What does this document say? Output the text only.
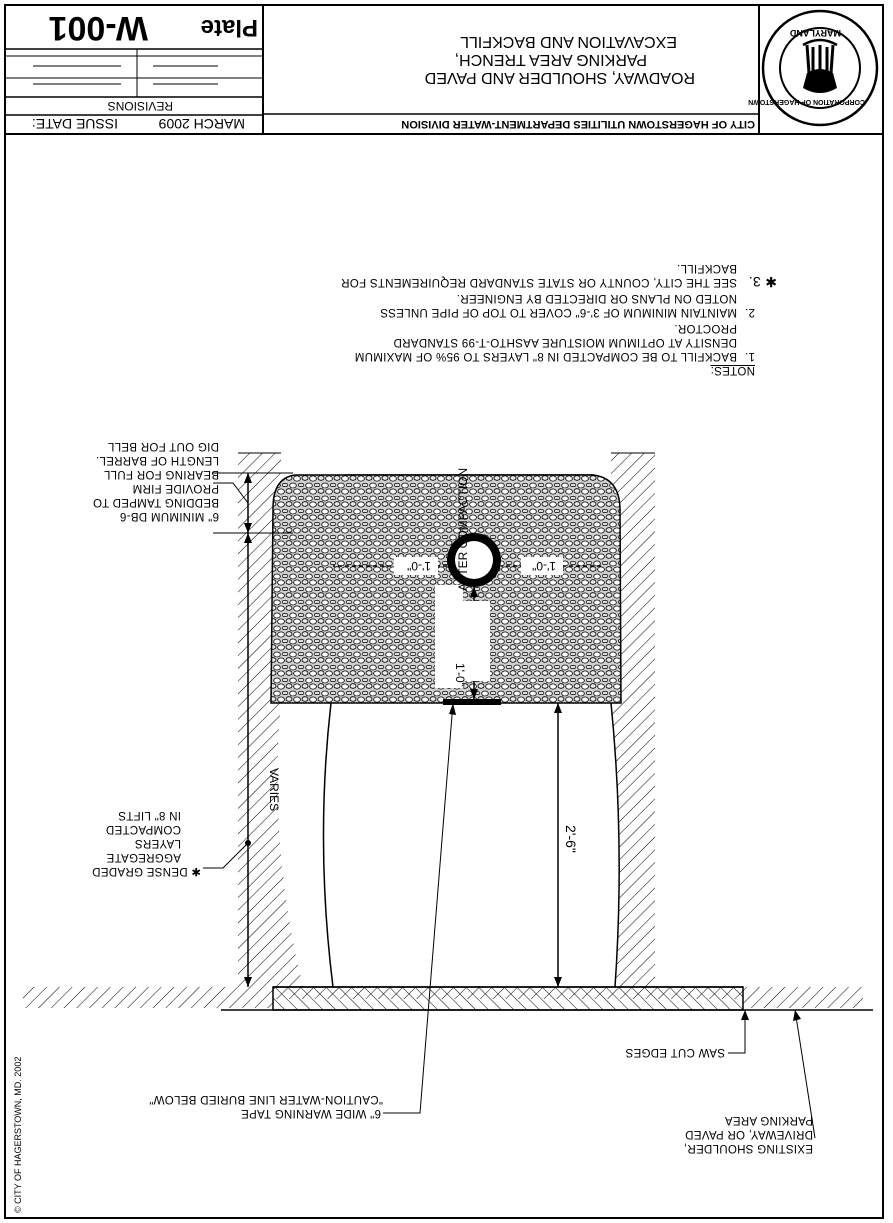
MARYLAND
CORPORATION OF HAGERSTOWN
CITY OF HAGERSTOWN UTILITIES DEPARTMENT-WATER DIVISION
ROADWAY, SHOULDER AND PAVED
PARKING AREA TRENCH,
EXCAVATION AND BACKFILL
ISSUE DATE:	MARCH 2009
REVISIONS
Plate
W-001
NOTES:
1.
BACKFILL TO BE COMPACTED IN 8" LAYERS TO 95% OF MAXIMUM
DENSITY AT OPTIMUM MOISTURE AASHTO-T-99 STANDARD
PROCTOR.
2.
MAINTAIN MINIMUM OF 3'-6" COVER TO TOP OF PIPE UNLESS
NOTED ON PLANS OR DIRECTED BY ENGINEER.
✱ 3.
SEE THE CITY, COUNTY OR STATE STANDARD REQUIREMENTS FOR
BACKFILL.
6" MINIMUM DB-6
BEDDING TAMPED TO
PROVIDE FIRM
BEARING FOR FULL
LENGTH OF BARREL.
DIG OUT FOR BELL
✱ DENSE GRADED
AGGREGATE
LAYERS
COMPACTED
IN 8" LIFTS
VARIES
1'-0"
1'-0"
1'-0"
AFTER COMPACTION
2'-6"
SAW CUT EDGES
EXISTING SHOULDER,
DRIVEWAY, OR PAVED
PARKING AREA
6" WIDE WARNING TAPE
"CAUTION-WATER LINE BURIED BELOW"
© CITY OF HAGERSTOWN, MD. 2002
